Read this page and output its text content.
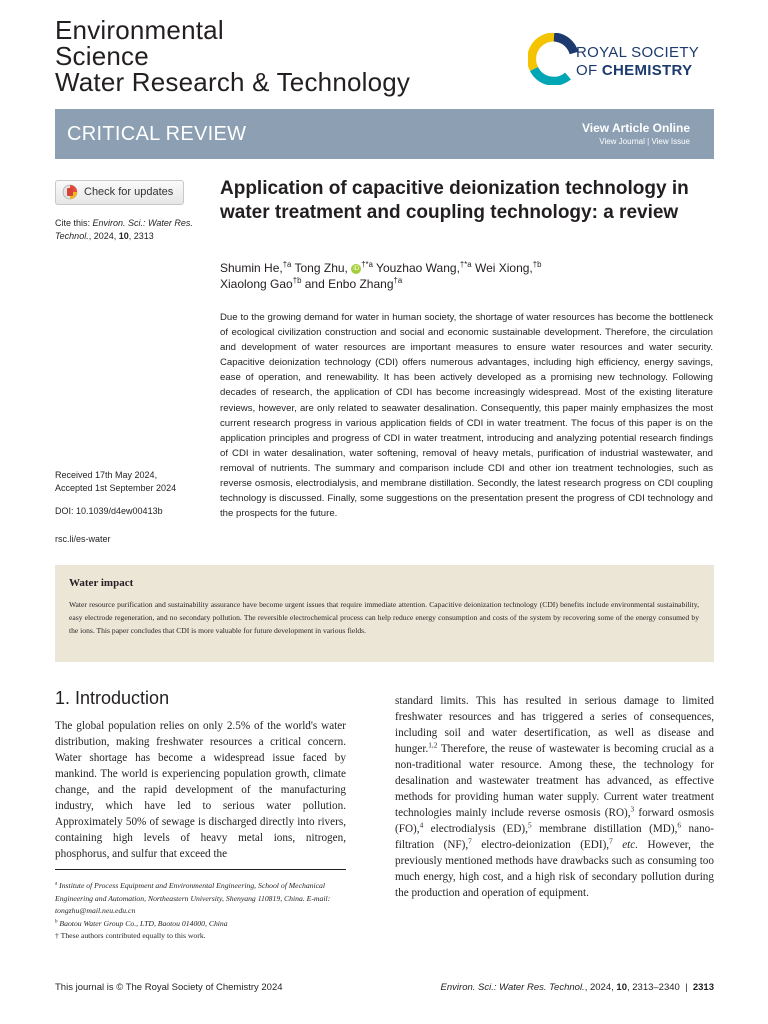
Environmental
Science
Water Research & Technology
ROYAL SOCIETY
OF CHEMISTRY
CRITICAL REVIEW	View Article Online
View Journal | View Issue
Check for updates
Cite this: Environ. Sci.: Water Res. Technol., 2024, 10, 2313
Received 17th May 2024,
Accepted 1st September 2024
DOI: 10.1039/d4ew00413b
rsc.li/es-water
Application of capacitive deionization technology in water treatment and coupling technology: a review
Shumin He,$^{\dagger a}$ Tong Zhu, iD $^{\dagger*a}$ Youzhao Wang,$^{\dagger*a}$ Wei Xiong,$^{\dagger b}$
Xiaolong Gao$^{\dagger b}$ and Enbo Zhang$^{\dagger a}$
Due to the growing demand for water in human society, the shortage of water resources has become the bottleneck of ecological civilization construction and social and economic sustainable development. Therefore, the circulation and development of water resources are important measures to ensure water resources and water security. Capacitive deionization technology (CDI) offers numerous advantages, including high efficiency, energy savings, ease of operation, and renewability. It has been actively developed as a promising new technology. Following decades of research, the application of CDI has become increasingly widespread. Most of the existing literature reviews, however, are only related to seawater desalination. Consequently, this paper mainly emphasizes the most current research progress in various application fields of CDI in water treatment. The focus of this paper is on the application principles and progress of CDI in water treatment, introducing and analyzing potential research findings of CDI in water desalination, water softening, removal of heavy metals, purification of industrial wastewater, and removal of nutrients. The summary and comparison include CDI and other ion treatment technologies, such as reverse osmosis, electrodialysis, and membrane distillation. Secondly, the latest research progress on CDI coupling technology is discussed. Finally, some suggestions on the presentation present the progress of CDI technology and the prospects for the future.
Water impact
Water resource purification and sustainability assurance have become urgent issues that require immediate attention. Capacitive deionization technology (CDI) benefits include environmental sustainability, easy electrode regeneration, and no secondary pollution. The reversible electrochemical process can help reduce energy consumption and costs of the system by recovering some of the energy consumed by the ions. This paper concludes that CDI is more valuable for future development in various fields.
1. Introduction
The global population relies on only 2.5% of the world's water distribution, making freshwater resources a critical concern. Water shortage has become a widespread issue faced by mankind. The world is experiencing population growth, climate change, and the rapid development of the manufacturing industry, which have led to serious water pollution. Approximately 50% of sewage is discharged directly into rivers, containing high levels of heavy metal ions, nitrogen, phosphorus, and sulfur that exceed the
standard limits. This has resulted in serious damage to limited freshwater resources and has triggered a series of consequences, including soil and water desertification, as well as disease and hunger.$^{1,2}$ Therefore, the reuse of wastewater is becoming crucial as a non-traditional water resource. Among these, the technology for desalination and wastewater treatment has advanced, as effective methods for providing human water supply. Current water treatment technologies mainly include reverse osmosis (RO),$^3$ forward osmosis (FO),$^4$ electrodialysis (ED),$^5$ membrane distillation (MD),$^6$ nano-filtration (NF),$^7$ electro-deionization (EDI),$^7$ etc. However, the previously mentioned methods have drawbacks such as consuming too much energy, high cost, and a high risk of secondary pollution during the production and operation of equipment.
$^a$ Institute of Process Equipment and Environmental Engineering, School of Mechanical Engineering and Automation, Northeastern University, Shenyang 110819, China. E-mail: tongzhu@mail.neu.edu.cn
$^b$ Baotou Water Group Co., LTD, Baotou 014000, China
† These authors contributed equally to this work.
This journal is © The Royal Society of Chemistry 2024	Environ. Sci.: Water Res. Technol., 2024, 10, 2313–2340 | 2313
